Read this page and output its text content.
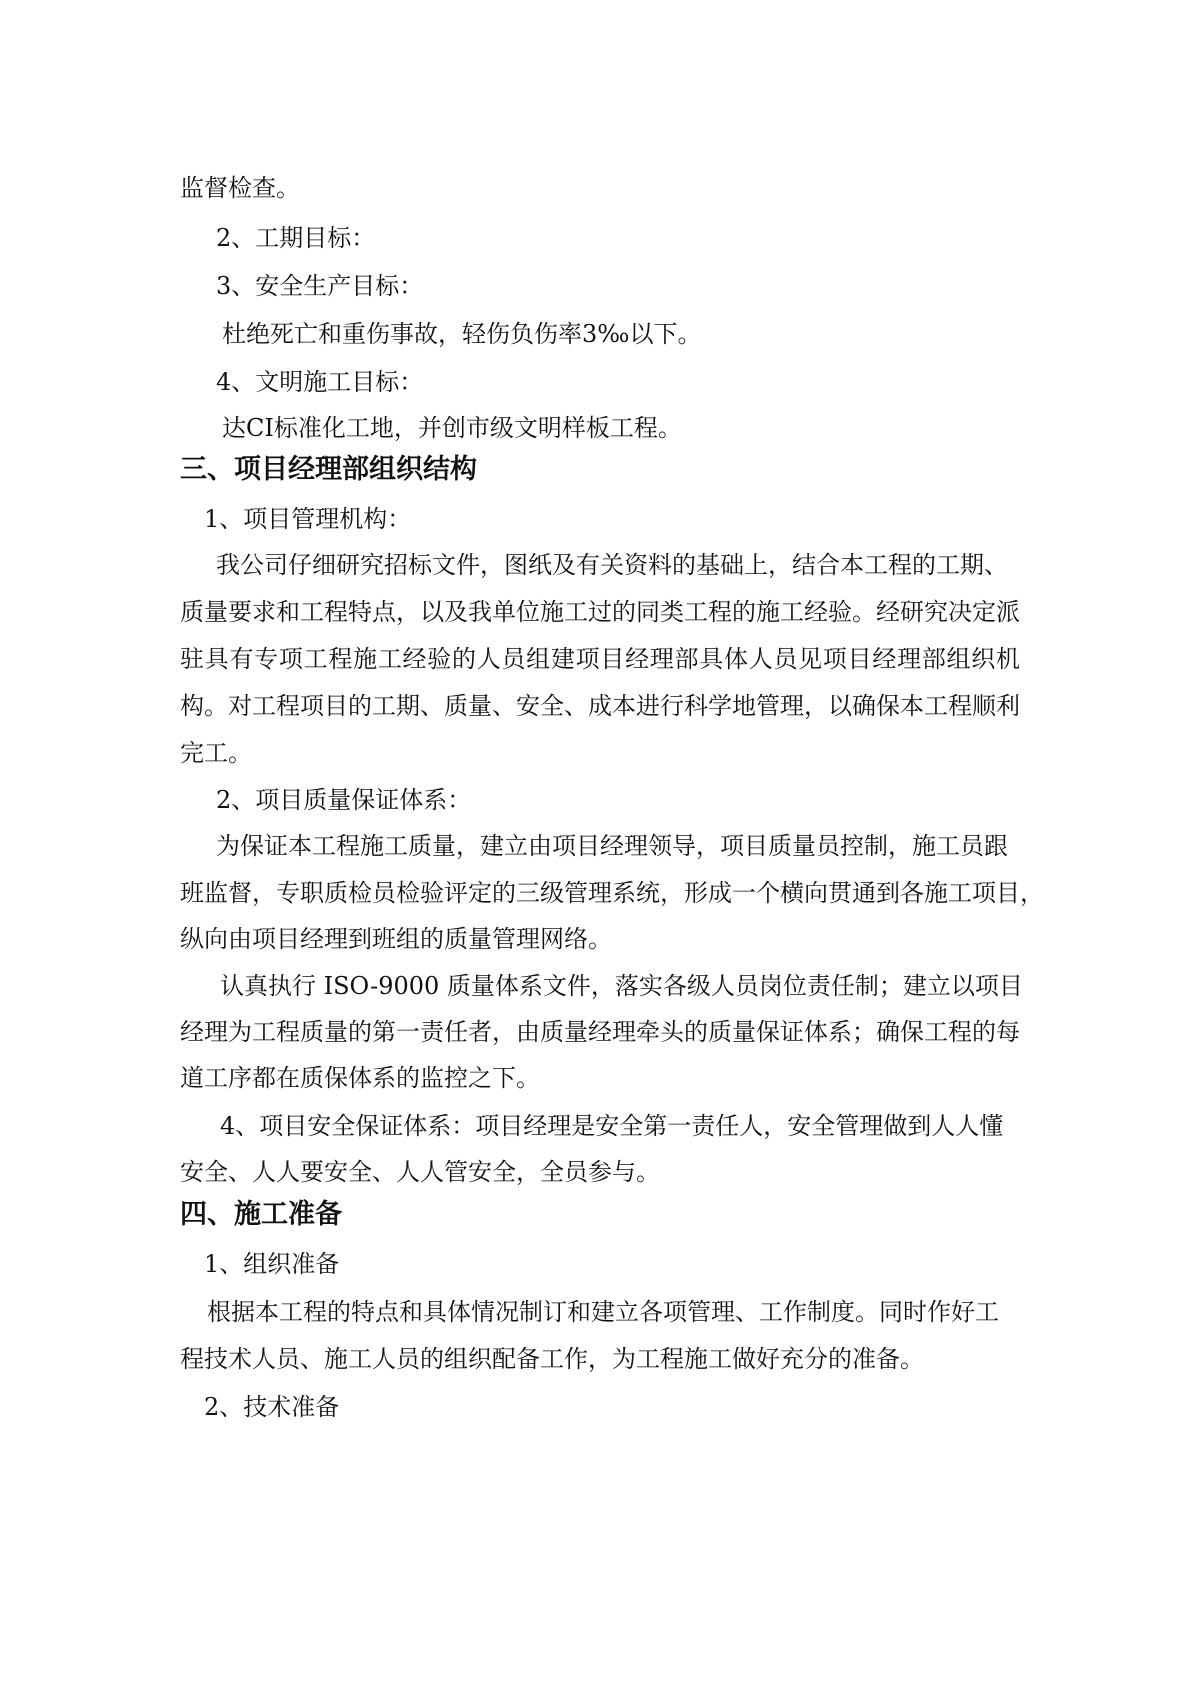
监督检查。
2、工期目标：
3、安全生产目标：
杜绝死亡和重伤事故，轻伤负伤率3‰以下。
4、文明施工目标：
达CI标准化工地，并创市级文明样板工程。
三、项目经理部组织结构
1、项目管理机构：
我公司仔细研究招标文件，图纸及有关资料的基础上，结合本工程的工期、
质量要求和工程特点，以及我单位施工过的同类工程的施工经验。经研究决定派
驻具有专项工程施工经验的人员组建项目经理部具体人员见项目经理部组织机
构。对工程项目的工期、质量、安全、成本进行科学地管理，以确保本工程顺利
完工。
2、项目质量保证体系：
为保证本工程施工质量，建立由项目经理领导，项目质量员控制，施工员跟
班监督，专职质检员检验评定的三级管理系统，形成一个横向贯通到各施工项目，
纵向由项目经理到班组的质量管理网络。
认真执行 ISO-9000 质量体系文件，落实各级人员岗位责任制；建立以项目
经理为工程质量的第一责任者，由质量经理牵头的质量保证体系；确保工程的每
道工序都在质保体系的监控之下。
4、项目安全保证体系：项目经理是安全第一责任人，安全管理做到人人懂
安全、人人要安全、人人管安全，全员参与。
四、施工准备
1、组织准备
根据本工程的特点和具体情况制订和建立各项管理、工作制度。同时作好工
程技术人员、施工人员的组织配备工作，为工程施工做好充分的准备。
2、技术准备
